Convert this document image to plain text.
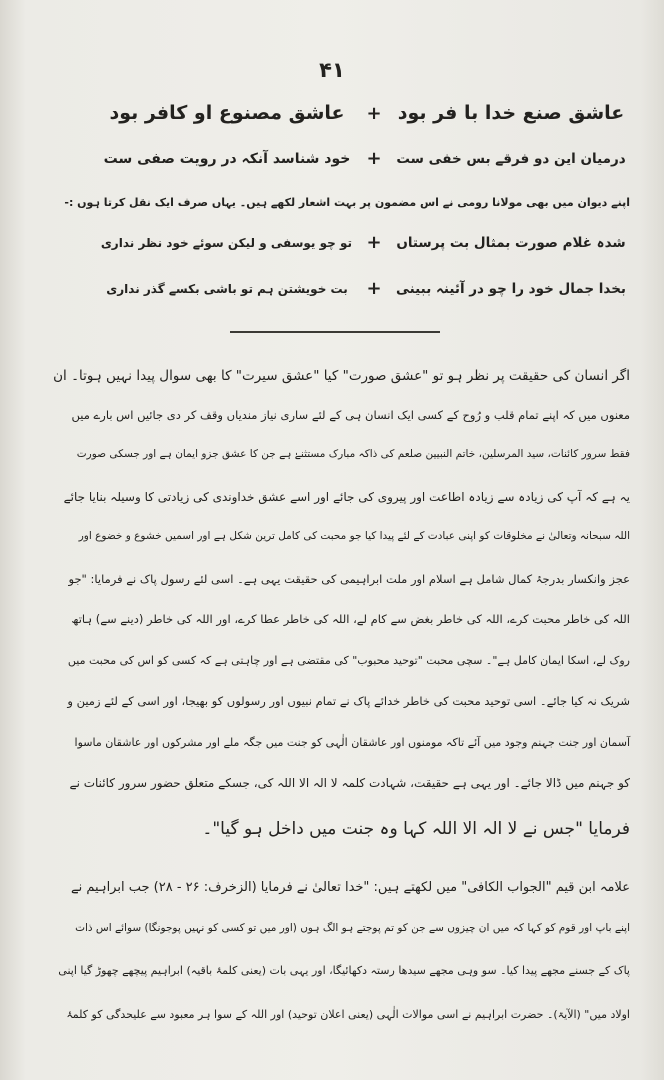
۴۱
عاشق صنع خدا با فر بود
+
عاشق مصنوع او کافر بود
درمیان این دو فرقے بس خفی ست
+
خود شناسد آنکہ در رویت صفی ست
اپنے دیوان میں بھی مولانا رومی نے اس مضمون پر بہت اشعار لکھے ہیں۔ یہاں صرف ایک نقل کرتا ہوں :-
شدہ غلام صورت بمثال بت پرستاں
+
تو چو یوسفی و لیکن سوئے خود نظر نداری
بخدا جمال خود را چو در آئینہ ببینی
+
بت خویشتن ہم تو باشی بکسے گذر نداری
اگر انسان کی حقیقت پر نظر ہو تو "عشق صورت" کیا "عشق سیرت" کا بھی سوال پیدا نہیں ہوتا۔ ان
معنوں میں کہ اپنے تمام قلب و رُوح کے کسی ایک انسان ہی کے لئے ساری نیاز مندیاں وقف کر دی جائیں اس بارے میں
فقط سرور کائنات، سید المرسلین، خاتم النبیین صلعم کی ذاکہ مبارک مستثنےٰ ہے جن کا عشق جزو ایمان ہے اور جسکی صورت
یہ ہے کہ آپ کی زیادہ سے زیادہ اطاعت اور پیروی کی جائے اور اسے عشق خداوندی کی زیادتی کا وسیلہ بنایا جائے
اللہ سبحانہ وتعالیٰ نے مخلوقات کو اپنی عبادت کے لئے پیدا کیا جو محبت کی کامل ترین شکل ہے اور اسمیں خشوع و خضوع اور
عجز وانکسار بدرجۂ کمال شامل ہے اسلام اور ملت ابراہیمی کی حقیقت یہی ہے۔ اسی لئے رسول پاک نے فرمایا: "جو
اللہ کی خاطر محبت کرے، اللہ کی خاطر بغض سے کام لے، اللہ کی خاطر عطا کرے، اور اللہ کی خاطر (دینے سے) ہاتھ
روک لے، اسکا ایمان کامل ہے"۔ سچی محبت "توحید محبوب" کی مقتضی ہے اور چاہتی ہے کہ کسی کو اس کی محبت میں
شریک نہ کیا جائے۔ اسی توحید محبت کی خاطر خدائے پاک نے تمام نبیوں اور رسولوں کو بھیجا، اور اسی کے لئے زمین و
آسمان اور جنت جہنم وجود میں آئے تاکہ مومنوں اور عاشقان الٰہی کو جنت میں جگہ ملے اور مشرکوں اور عاشقان ماسوا
کو جہنم میں ڈالا جائے۔ اور یہی ہے حقیقت، شہادت کلمہ لا الہ الا اللہ کی، جسکے متعلق حضور سرور کائنات نے
فرمایا "جس نے لا الہ الا اللہ کہا وہ جنت میں داخل ہو گیا"۔
علامہ ابن قیم "الجواب الکافی" میں لکھتے ہیں: "خدا تعالیٰ نے فرمایا (الزخرف: ۲۶ - ۲۸) جب ابراہیم نے
اپنے باپ اور قوم کو کہا کہ میں ان چیزوں سے جن کو تم پوجتے ہو الگ ہوں (اور میں تو کسی کو نہیں پوجونگا) سوائے اس ذات
پاک کے جسنے مجھے پیدا کیا۔ سو وہی مجھے سیدھا رستہ دکھائیگا، اور یہی بات (یعنی کلمۂ باقیہ) ابراہیم پیچھے چھوڑ گیا اپنی
اولاد میں" (الآیۃ)۔ حضرت ابراہیم نے اسی موالات الٰہی (یعنی اعلان توحید) اور اللہ کے سوا ہر معبود سے علیحدگی کو کلمۂ
